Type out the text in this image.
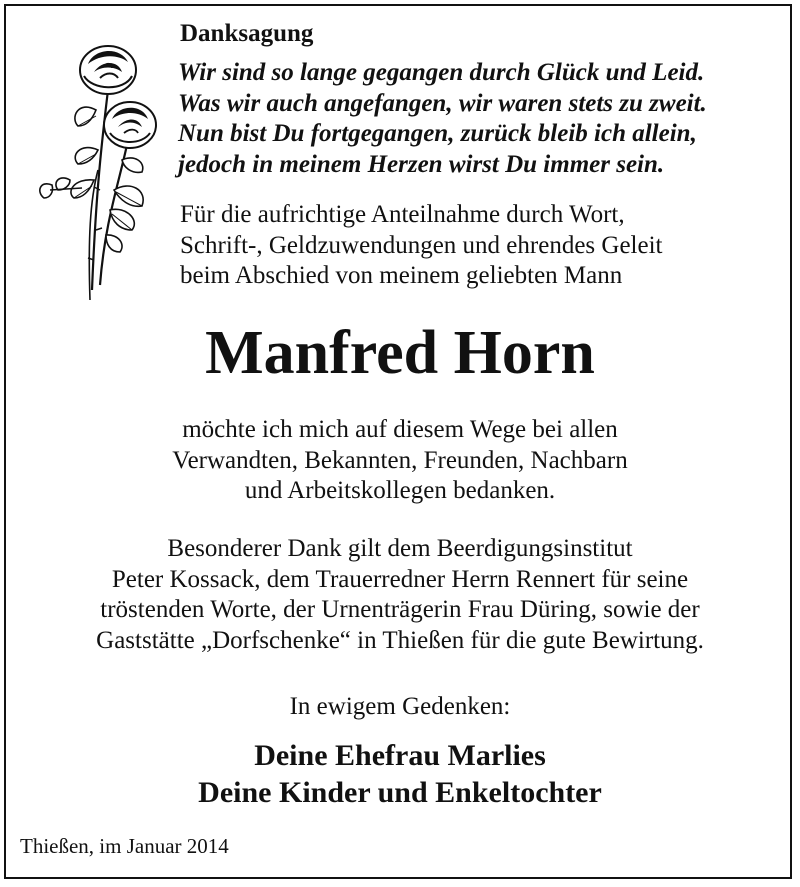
Danksagung

Wir sind so lange gegangen durch Glück und Leid.
Was wir auch angefangen, wir waren stets zu zweit.
Nun bist Du fortgegangen, zurück bleib ich allein,
jedoch in meinem Herzen wirst Du immer sein.

Für die aufrichtige Anteilnahme durch Wort,
Schrift-, Geldzuwendungen und ehrendes Geleit
beim Abschied von meinem geliebten Mann

Manfred Horn

möchte ich mich auf diesem Wege bei allen
Verwandten, Bekannten, Freunden, Nachbarn
und Arbeitskollegen bedanken.

Besonderer Dank gilt dem Beerdigungsinstitut
Peter Kossack, dem Trauerredner Herrn Rennert für seine
tröstenden Worte, der Urnenträgerin Frau Düring, sowie der
Gaststätte „Dorfschenke“ in Thießen für die gute Bewirtung.

In ewigem Gedenken:

Deine Ehefrau Marlies
Deine Kinder und Enkeltochter

Thießen, im Januar 2014
